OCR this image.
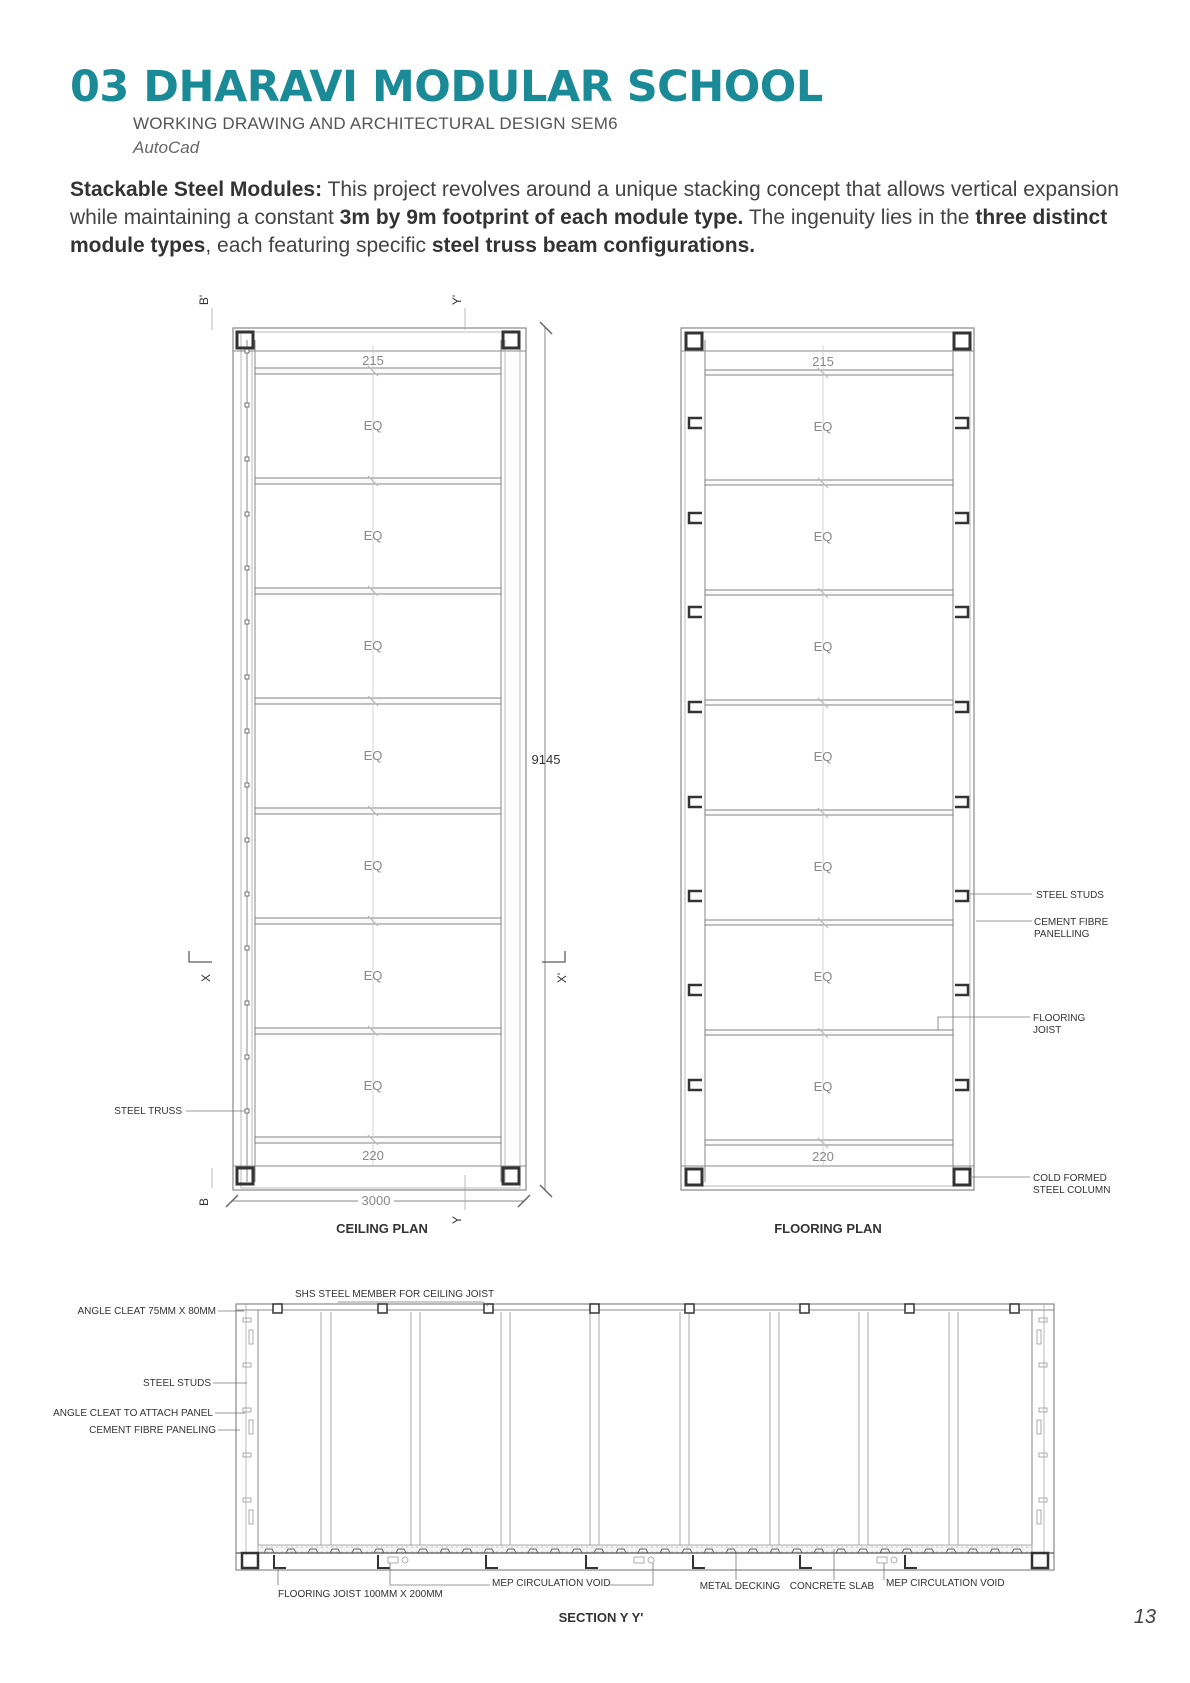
03 DHARAVI MODULAR SCHOOL
WORKING DRAWING AND ARCHITECTURAL DESIGN SEM6
AutoCad

Stackable Steel Modules: This project revolves around a unique stacking concept that allows vertical expansion while maintaining a constant 3m by 9m footprint of each module type. The ingenuity lies in the three distinct module types, each featuring specific steel truss beam configurations.

EQ
EQ
EQ
EQ
EQ
EQ
EQ
215
220
9145
3000
B'
B
Y'
Y
X	X'
STEEL TRUSS
CEILING PLAN
EQ
EQ
EQ
EQ
EQ
EQ
EQ
215
220
STEEL STUDS
CEMENT FIBRE
PANELLING
FLOORING
JOIST
COLD FORMED
STEEL COLUMN
FLOORING PLAN
SHS STEEL MEMBER FOR CEILING JOIST
ANGLE CLEAT 75MM X 80MM
STEEL STUDS
ANGLE CLEAT TO ATTACH PANEL
CEMENT FIBRE PANELING
FLOORING JOIST 100MM X 200MM
MEP CIRCULATION VOID	METAL DECKING CONCRETE SLAB MEP CIRCULATION VOID
SECTION Y Y'	13
